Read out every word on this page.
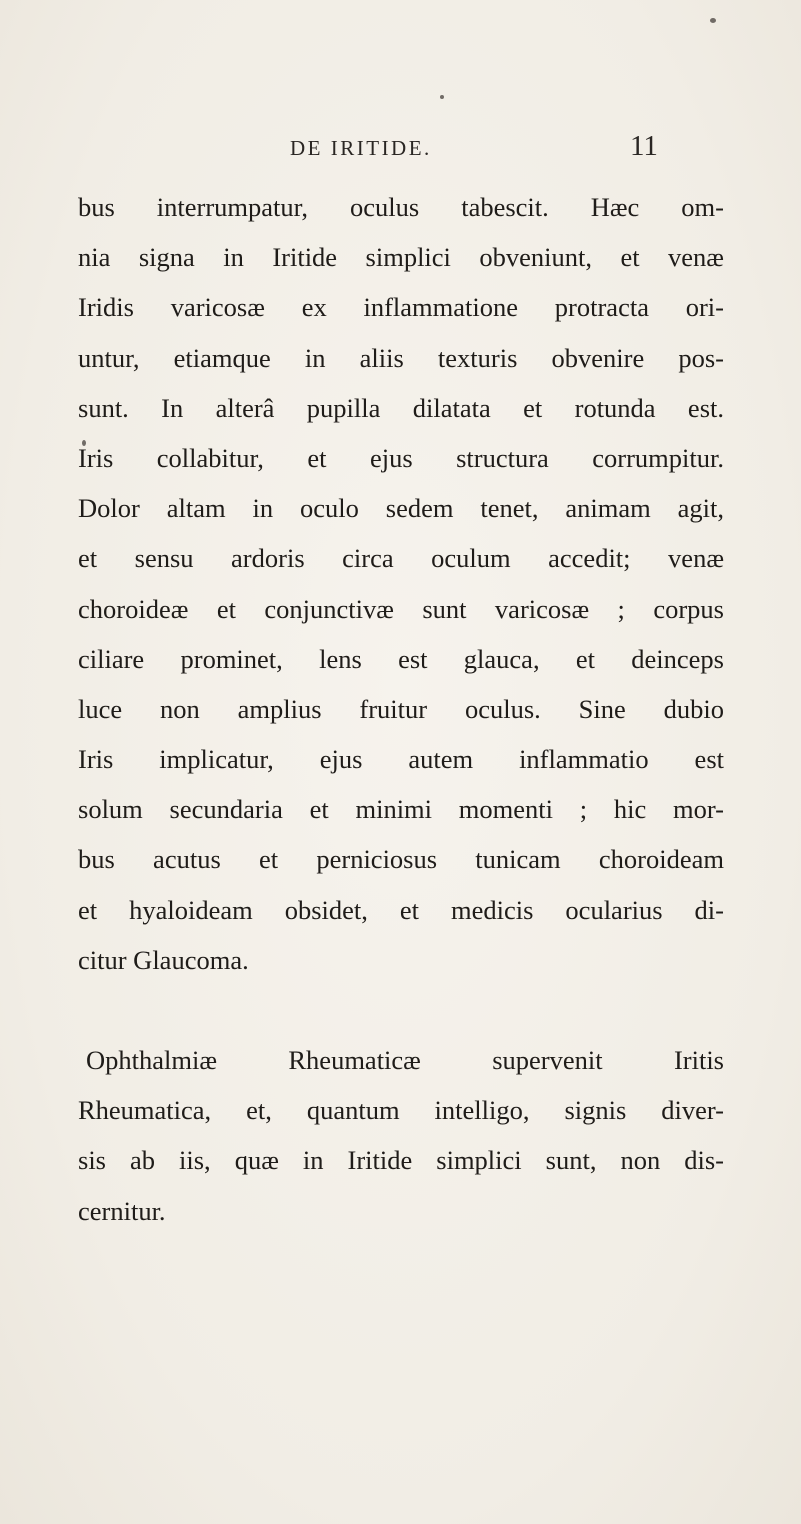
DE IRITIDE.	11
bus interrumpatur, oculus tabescit. Hæc om-
nia signa in Iritide simplici obveniunt, et venæ
Iridis varicosæ ex inflammatione protracta ori-
untur, etiamque in aliis texturis obvenire pos-
sunt. In alterâ pupilla dilatata et rotunda est.
Iris collabitur, et ejus structura corrumpitur.
Dolor altam in oculo sedem tenet, animam agit,
et sensu ardoris circa oculum accedit; venæ
choroideæ et conjunctivæ sunt varicosæ ; corpus
ciliare prominet, lens est glauca, et deinceps
luce non amplius fruitur oculus. Sine dubio
Iris implicatur, ejus autem inflammatio est
solum secundaria et minimi momenti ; hic mor-
bus acutus et perniciosus tunicam choroideam
et hyaloideam obsidet, et medicis ocularius di-
citur Glaucoma.
Ophthalmiæ Rheumaticæ supervenit Iritis
Rheumatica, et, quantum intelligo, signis diver-
sis ab iis, quæ in Iritide simplici sunt, non dis-
cernitur.
